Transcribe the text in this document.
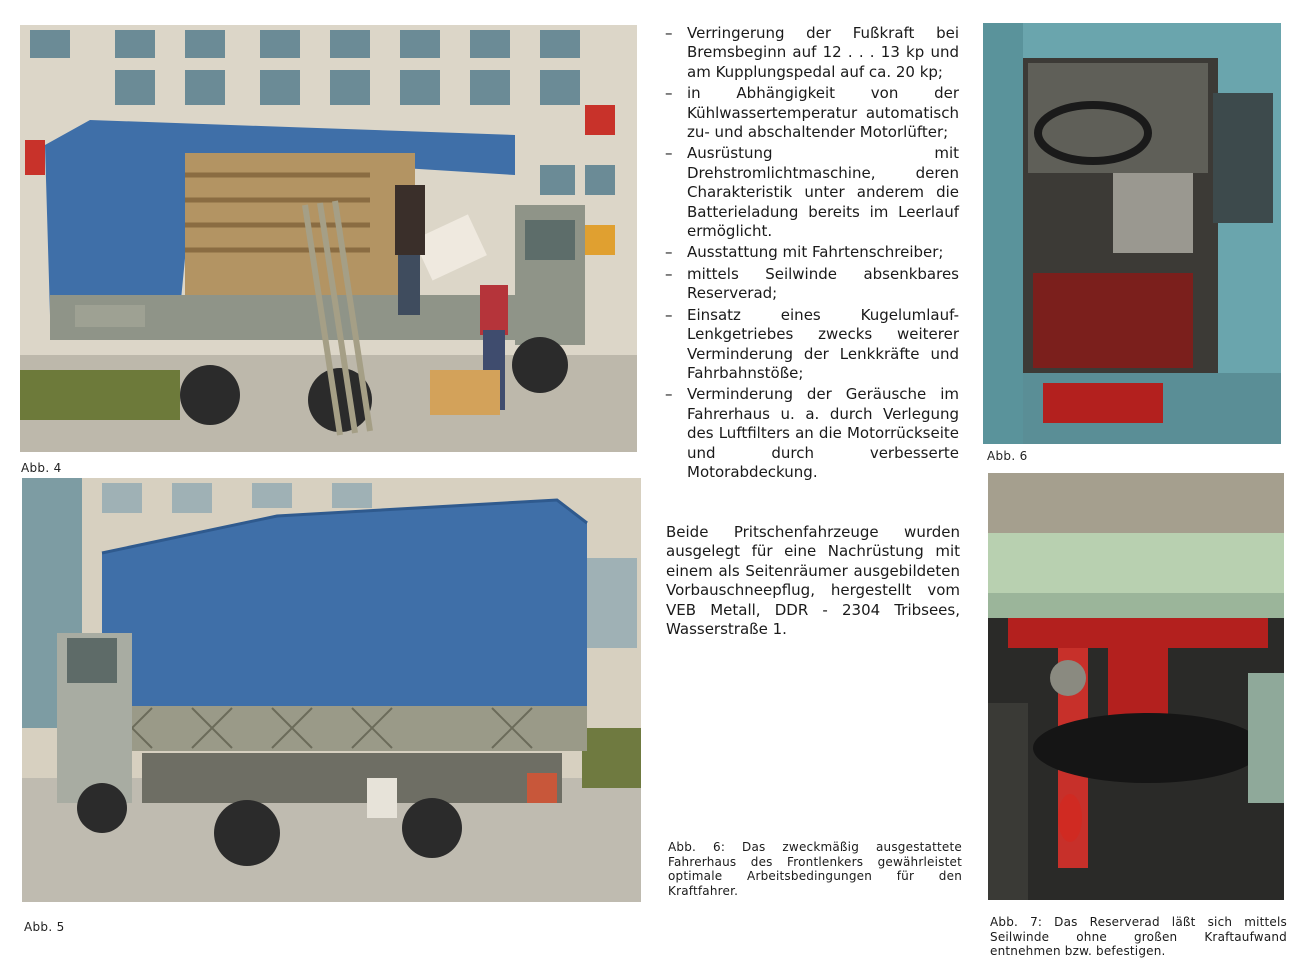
Abb. 4
Abb. 5
– Verringerung der Fußkraft bei Bremsbeginn auf 12 . . . 13 kp und am Kupplungspedal auf ca. 20 kp;
– in Abhängigkeit von der Kühlwassertemperatur automatisch zu- und abschaltender Motorlüfter;
– Ausrüstung mit Drehstromlichtmaschine, deren Charakteristik unter anderem die Batterieladung bereits im Leerlauf ermöglicht.
– Ausstattung mit Fahrtenschreiber;
– mittels Seilwinde absenkbares Reserverad;
– Einsatz eines Kugelumlauf-Lenkgetriebes zwecks weiterer Verminderung der Lenkkräfte und Fahrbahnstöße;
– Verminderung der Geräusche im Fahrerhaus u. a. durch Verlegung des Luftfilters an die Motorrückseite und durch verbesserte Motorabdeckung.

Beide Pritschenfahrzeuge wurden ausgelegt für eine Nachrüstung mit einem als Seitenräumer ausgebildeten Vorbauschneepflug, hergestellt vom VEB Metall, DDR - 2304 Tribsees, Wasserstraße 1.

Abb. 6: Das zweckmäßig ausgestattete Fahrerhaus des Frontlenkers gewährleistet optimale Arbeitsbedingungen für den Kraftfahrer.

Abb. 6

Abb. 7: Das Reserverad läßt sich mittels Seilwinde ohne großen Kraftaufwand entnehmen bzw. befestigen.
